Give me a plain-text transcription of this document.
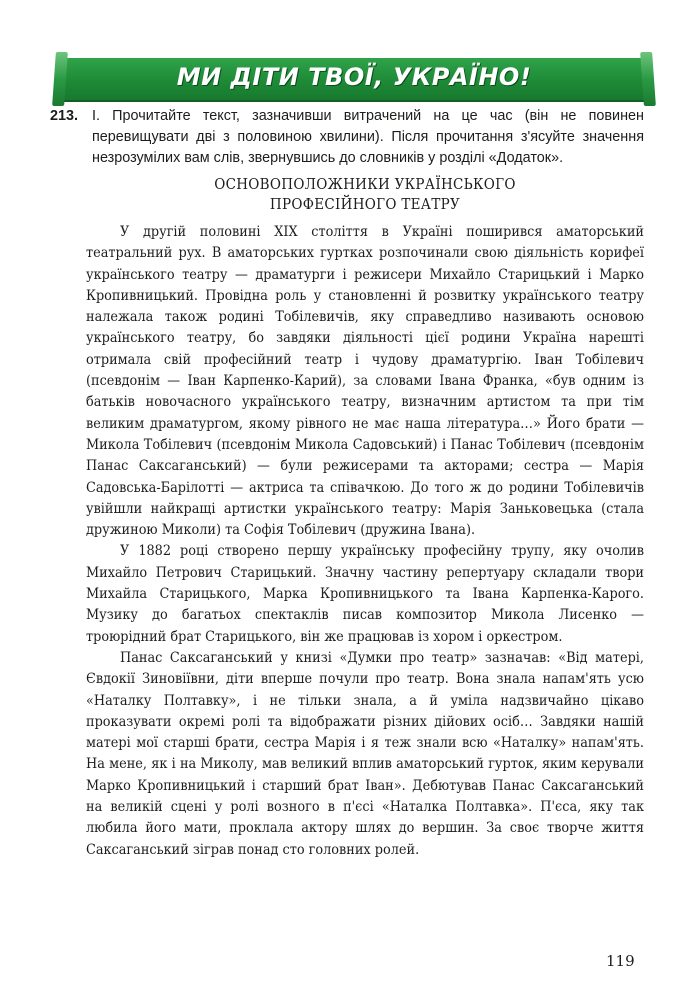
МИ ДІТИ ТВОЇ, УКРАЇНО!
213. І. Прочитайте текст, зазначивши витрачений на це час (він не повинен перевищувати дві з половиною хвилини). Після прочитання з'ясуйте значення незрозумілих вам слів, звернувшись до словників у розділі «Додаток».
ОСНОВОПОЛОЖНИКИ УКРАЇНСЬКОГО
ПРОФЕСІЙНОГО ТЕАТРУ

У другій половині XIX століття в Україні поширився аматорський театральний рух. В аматорських гуртках розпочинали свою діяльність корифеї українського театру — драматурги і режисери Михайло Старицький і Марко Кропивницький. Провідна роль у становленні й розвитку українського театру належала також родині Тобілевичів, яку справедливо називають основою українського театру, бо завдяки діяльності цієї родини Україна нарешті отримала свій професійний театр і чудову драматургію. Іван Тобілевич (псевдонім — Іван Карпенко-Карий), за словами Івана Франка, «був одним із батьків новочасного українського театру, визначним артистом та при тім великим драматургом, якому рівного не має наша література…» Його брати — Микола Тобілевич (псевдонім Микола Садовський) і Панас Тобілевич (псевдонім Панас Саксаганський) — були режисерами та акторами; сестра — Марія Садовська-Барілотті — актриса та співачкою. До того ж до родини Тобілевичів увійшли найкращі артистки українського театру: Марія Заньковецька (стала дружиною Миколи) та Софія Тобілевич (дружина Івана).

У 1882 році створено першу українську професійну трупу, яку очолив Михайло Петрович Старицький. Значну частину репертуару складали твори Михайла Старицького, Марка Кропивницького та Івана Карпенка-Карого. Музику до багатьох спектаклів писав композитор Микола Лисенко — троюрідний брат Старицького, він же працював із хором і оркестром.

Панас Саксаганський у книзі «Думки про театр» зазначав: «Від матері, Євдокії Зиновіївни, діти вперше почули про театр. Вона знала напам'ять усю «Наталку Полтавку», і не тільки знала, а й уміла надзвичайно цікаво проказувати окремі ролі та відображати різних дійових осіб… Завдяки нашій матері мої старші брати, сестра Марія і я теж знали всю «Наталку» напам'ять. На мене, як і на Миколу, мав великий вплив аматорський гурток, яким керували Марко Кропивницький і старший брат Іван». Дебютував Панас Саксаганський на великій сцені у ролі возного в п'єсі «Наталка Полтавка». П'єса, яку так любила його мати, проклала актору шлях до вершин. За своє творче життя Саксаганський зіграв понад сто головних ролей.

119
